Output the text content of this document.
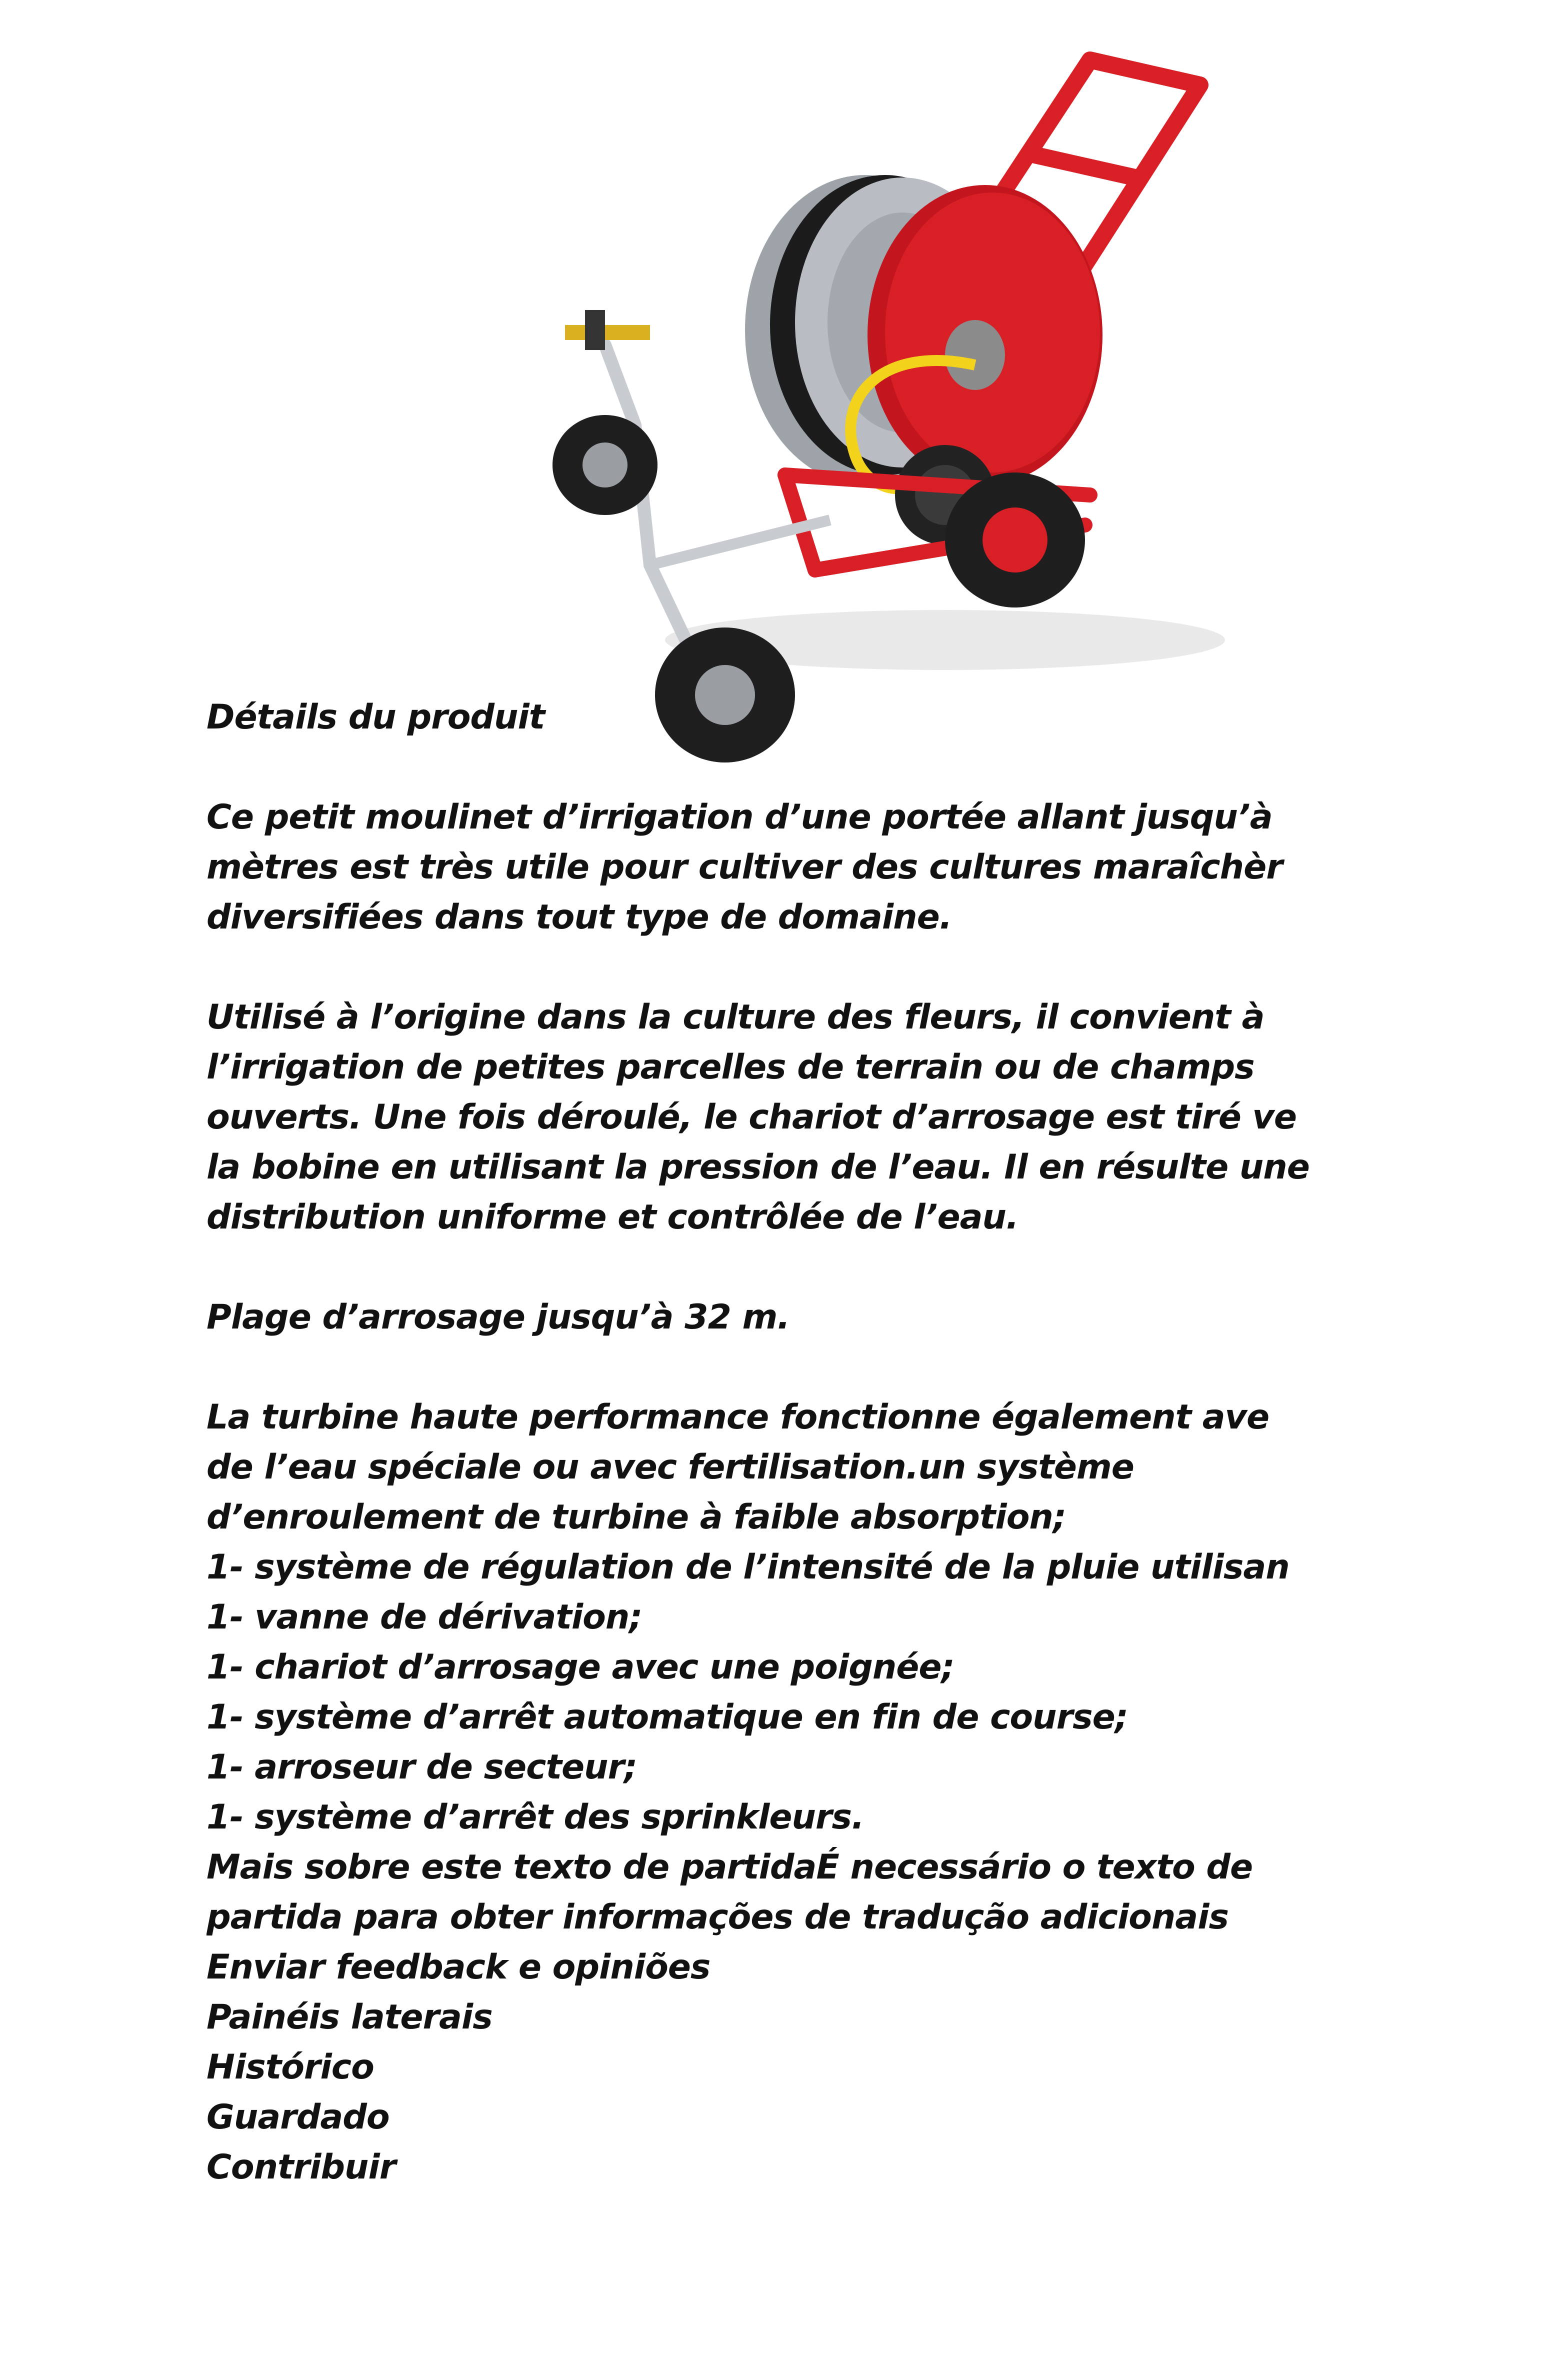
Détails du produit
Ce petit moulinet d’irrigation d’une portée allant jusqu’à
mètres est très utile pour cultiver des cultures maraîchèr
diversifiées dans tout type de domaine.
Utilisé à l’origine dans la culture des fleurs, il convient à
l’irrigation de petites parcelles de terrain ou de champs
ouverts. Une fois déroulé, le chariot d’arrosage est tiré ve
la bobine en utilisant la pression de l’eau. Il en résulte une
distribution uniforme et contrôlée de l’eau.
Plage d’arrosage jusqu’à 32 m.
La turbine haute performance fonctionne également ave
de l’eau spéciale ou avec fertilisation.un système
d’enroulement de turbine à faible absorption;
1- système de régulation de l’intensité de la pluie utilisan
1- vanne de dérivation;
1- chariot d’arrosage avec une poignée;
1- système d’arrêt automatique en fin de course;
1- arroseur de secteur;
1- système d’arrêt des sprinkleurs.
Mais sobre este texto de partidaÉ necessário o texto de
partida para obter informações de tradução adicionais
Enviar feedback e opiniões
Painéis laterais
Histórico
Guardado
Contribuir
